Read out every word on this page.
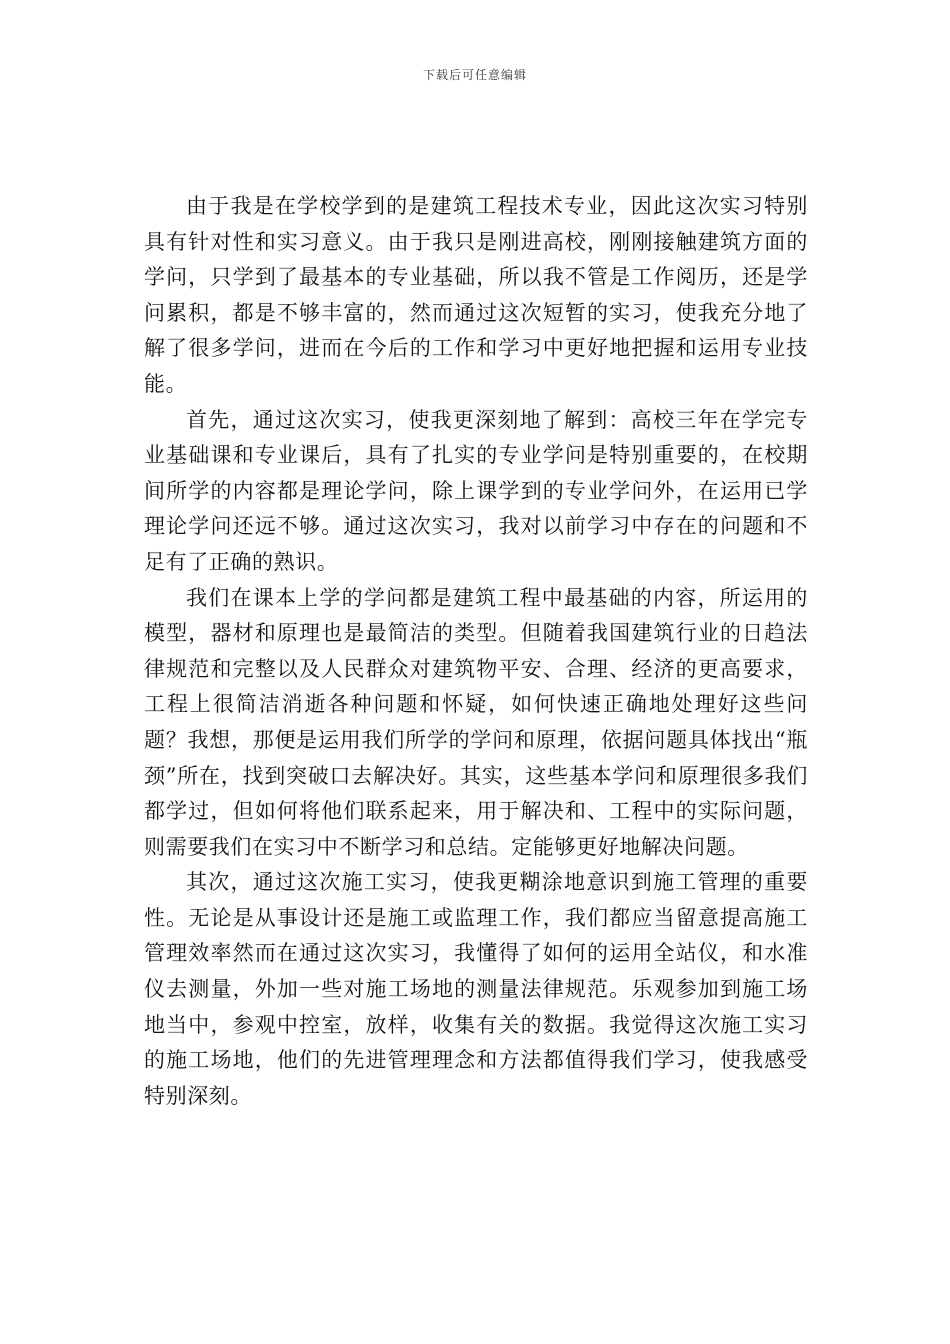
下载后可任意编辑

由于我是在学校学到的是建筑工程技术专业，因此这次实习特别具有针对性和实习意义。由于我只是刚进高校，刚刚接触建筑方面的学问，只学到了最基本的专业基础，所以我不管是工作阅历，还是学问累积，都是不够丰富的，然而通过这次短暂的实习，使我充分地了解了很多学问，进而在今后的工作和学习中更好地把握和运用专业技能。

首先，通过这次实习，使我更深刻地了解到：高校三年在学完专业基础课和专业课后，具有了扎实的专业学问是特别重要的，在校期间所学的内容都是理论学问，除上课学到的专业学问外，在运用已学理论学问还远不够。通过这次实习，我对以前学习中存在的问题和不足有了正确的熟识。

我们在课本上学的学问都是建筑工程中最基础的内容，所运用的模型，器材和原理也是最简洁的类型。但随着我国建筑行业的日趋法律规范和完整以及人民群众对建筑物平安、合理、经济的更高要求，工程上很简洁消逝各种问题和怀疑，如何快速正确地处理好这些问题？我想，那便是运用我们所学的学问和原理，依据问题具体找出“瓶颈”所在，找到突破口去解决好。其实，这些基本学问和原理很多我们都学过，但如何将他们联系起来，用于解决和、工程中的实际问题，则需要我们在实习中不断学习和总结。定能够更好地解决问题。

其次，通过这次施工实习，使我更糊涂地意识到施工管理的重要性。无论是从事设计还是施工或监理工作，我们都应当留意提高施工管理效率然而在通过这次实习，我懂得了如何的运用全站仪，和水准仪去测量，外加一些对施工场地的测量法律规范。乐观参加到施工场地当中，参观中控室，放样，收集有关的数据。我觉得这次施工实习的施工场地，他们的先进管理理念和方法都值得我们学习，使我感受特别深刻。
